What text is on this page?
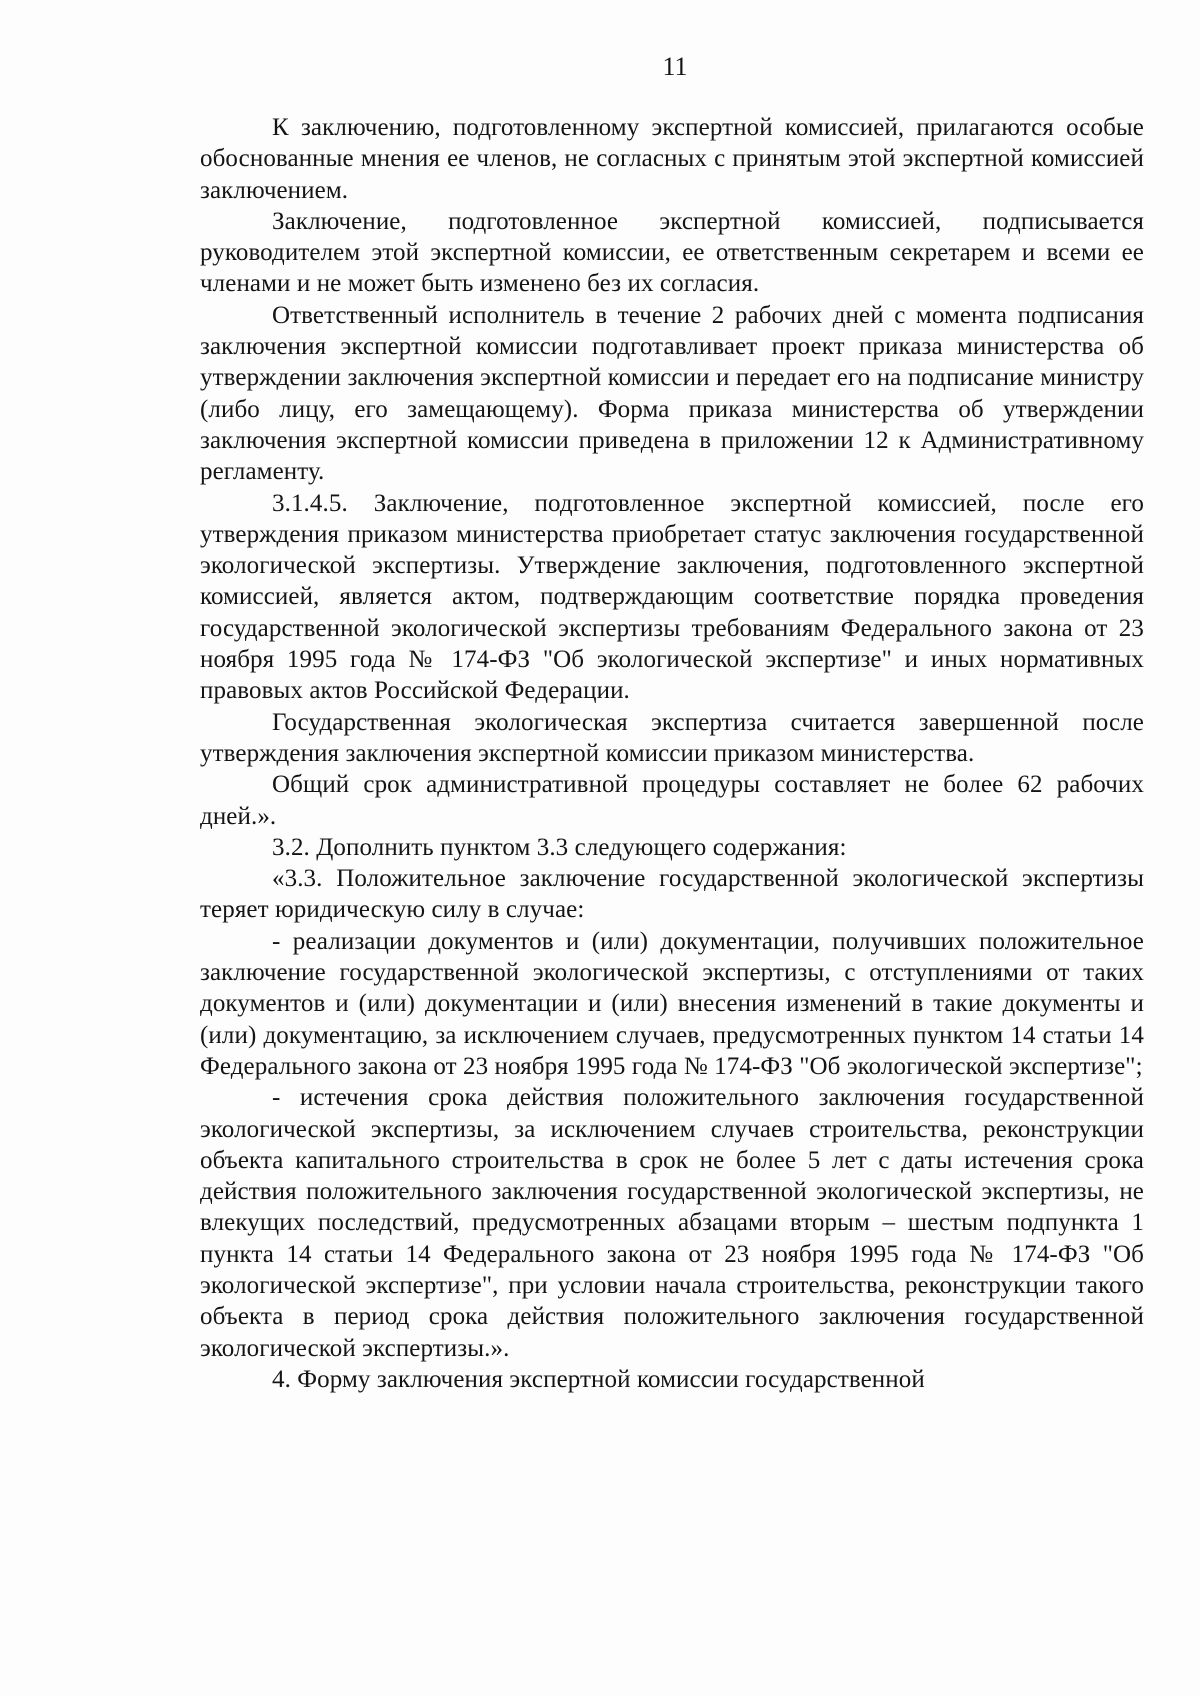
11

К заключению, подготовленному экспертной комиссией, прилагаются особые обоснованные мнения ее членов, не согласных с принятым этой экспертной комиссией заключением.

Заключение, подготовленное экспертной комиссией, подписывается руководителем этой экспертной комиссии, ее ответственным секретарем и всеми ее членами и не может быть изменено без их согласия.

Ответственный исполнитель в течение 2 рабочих дней с момента подписания заключения экспертной комиссии подготавливает проект приказа министерства об утверждении заключения экспертной комиссии и передает его на подписание министру (либо лицу, его замещающему). Форма приказа министерства об утверждении заключения экспертной комиссии приведена в приложении 12 к Административному регламенту.

3.1.4.5. Заключение, подготовленное экспертной комиссией, после его утверждения приказом министерства приобретает статус заключения государственной экологической экспертизы. Утверждение заключения, подготовленного экспертной комиссией, является актом, подтверждающим соответствие порядка проведения государственной экологической экспертизы требованиям Федерального закона от 23 ноября 1995 года № 174-ФЗ "Об экологической экспертизе" и иных нормативных правовых актов Российской Федерации.

Государственная экологическая экспертиза считается завершенной после утверждения заключения экспертной комиссии приказом министерства.

Общий срок административной процедуры составляет не более 62 рабочих дней.».

3.2. Дополнить пунктом 3.3 следующего содержания:

«3.3. Положительное заключение государственной экологической экспертизы теряет юридическую силу в случае:

- реализации документов и (или) документации, получивших положительное заключение государственной экологической экспертизы, с отступлениями от таких документов и (или) документации и (или) внесения изменений в такие документы и (или) документацию, за исключением случаев, предусмотренных пунктом 14 статьи 14 Федерального закона от 23 ноября 1995 года № 174-ФЗ "Об экологической экспертизе";

- истечения срока действия положительного заключения государственной экологической экспертизы, за исключением случаев строительства, реконструкции объекта капитального строительства в срок не более 5 лет с даты истечения срока действия положительного заключения государственной экологической экспертизы, не влекущих последствий, предусмотренных абзацами вторым – шестым подпункта 1 пункта 14 статьи 14 Федерального закона от 23 ноября 1995 года № 174-ФЗ "Об экологической экспертизе", при условии начала строительства, реконструкции такого объекта в период срока действия положительного заключения государственной экологической экспертизы.».

4. Форму заключения экспертной комиссии государственной
